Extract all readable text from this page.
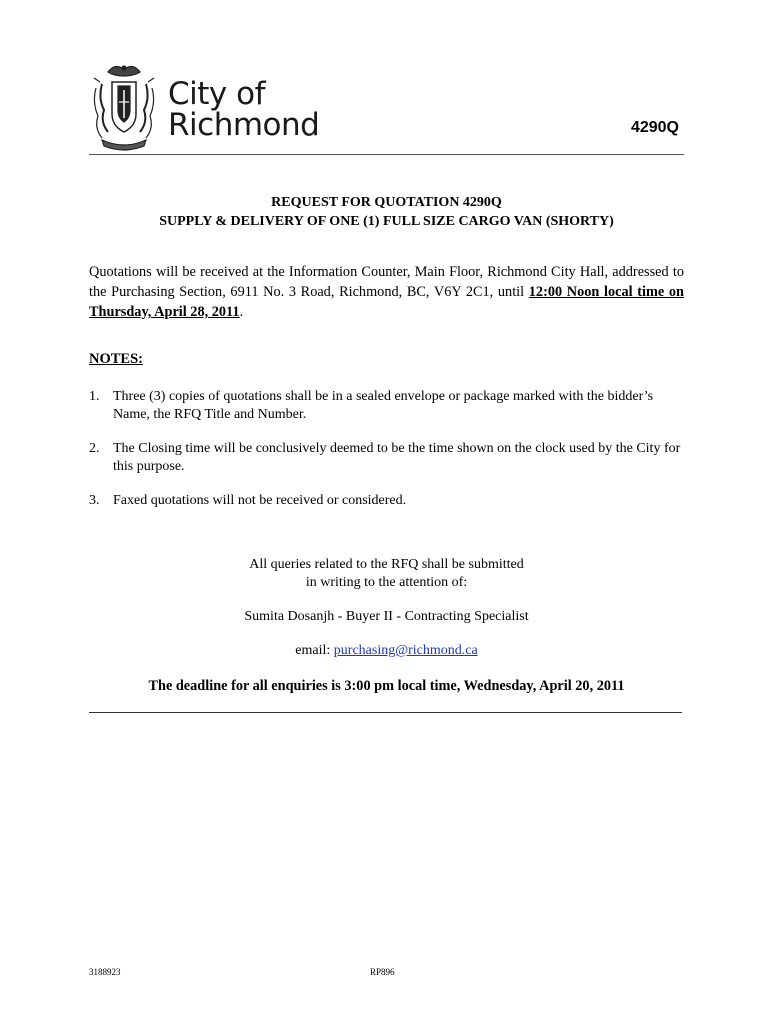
City of
Richmond	4290Q
REQUEST FOR QUOTATION 4290Q
SUPPLY & DELIVERY OF ONE (1) FULL SIZE CARGO VAN (SHORTY)
Quotations will be received at the Information Counter, Main Floor, Richmond City Hall, addressed to the Purchasing Section, 6911 No. 3 Road, Richmond, BC, V6Y 2C1, until 12:00 Noon local time on Thursday, April 28, 2011.
NOTES:
1. Three (3) copies of quotations shall be in a sealed envelope or package marked with the bidder’s Name, the RFQ Title and Number.
2. The Closing time will be conclusively deemed to be the time shown on the clock used by the City for this purpose.
3. Faxed quotations will not be received or considered.
All queries related to the RFQ shall be submitted
in writing to the attention of:
Sumita Dosanjh - Buyer II - Contracting Specialist
email: purchasing@richmond.ca
The deadline for all enquiries is 3:00 pm local time, Wednesday, April 20, 2011
3188923	RP896
